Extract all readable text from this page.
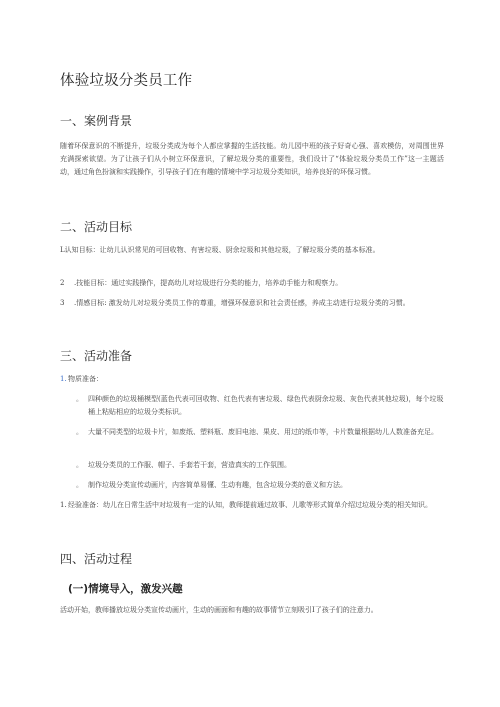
体验垃圾分类员工作
一、案例背景

随着环保意识的不断提升，垃圾分类成为每个人都应掌握的生活技能。幼儿园中班的孩子好奇心强、喜欢模仿，对周围世界充满探索欲望。为了让孩子们从小树立环保意识，了解垃圾分类的重要性，我们设计了“体验垃圾分类员工作”这一主题活动，通过角色扮演和实践操作，引导孩子们在有趣的情境中学习垃圾分类知识，培养良好的环保习惯。

二、活动目标
L 认知目标：让幼儿认识常见的可回收物、有害垃圾、厨余垃圾和其他垃圾，了解垃圾分类的基本标准。
2	.技能目标：通过实践操作，提高幼儿对垃圾进行分类的能力，培养动手能力和观察力。
3	.情感目标: 激发幼儿对垃圾分类员工作的尊重，增强环保意识和社会责任感，养成主动进行垃圾分类的习惯。
三、活动准备
1. 物质准备：
。 四种颜色的垃圾桶模型(蓝色代表可回收物、红色代表有害垃圾、绿色代表厨余垃圾、灰色代表其他垃圾)，每个垃圾桶上粘贴相应的垃圾分类标识。
。 大量不同类型的垃圾卡片，如废纸、塑料瓶、废旧电池、果皮、用过的纸巾等，卡片数量根据幼儿人数准备充足。
。 垃圾分类员的工作服、帽子、手套若干套，营造真实的工作氛围。
。 制作垃圾分类宣传动画片，内容简单易懂、生动有趣，包含垃圾分类的意义和方法。
1. 经验准备：幼儿在日常生活中对垃圾有一定的认知，教师提前通过故事、儿歌等形式简单介绍过垃圾分类的相关知识。
四、活动过程
(一)情境导入，激发兴趣

活动开始，教师播放垃圾分类宣传动画片，生动的画面和有趣的故事情节立刻吸引I了孩子们的注意力。
